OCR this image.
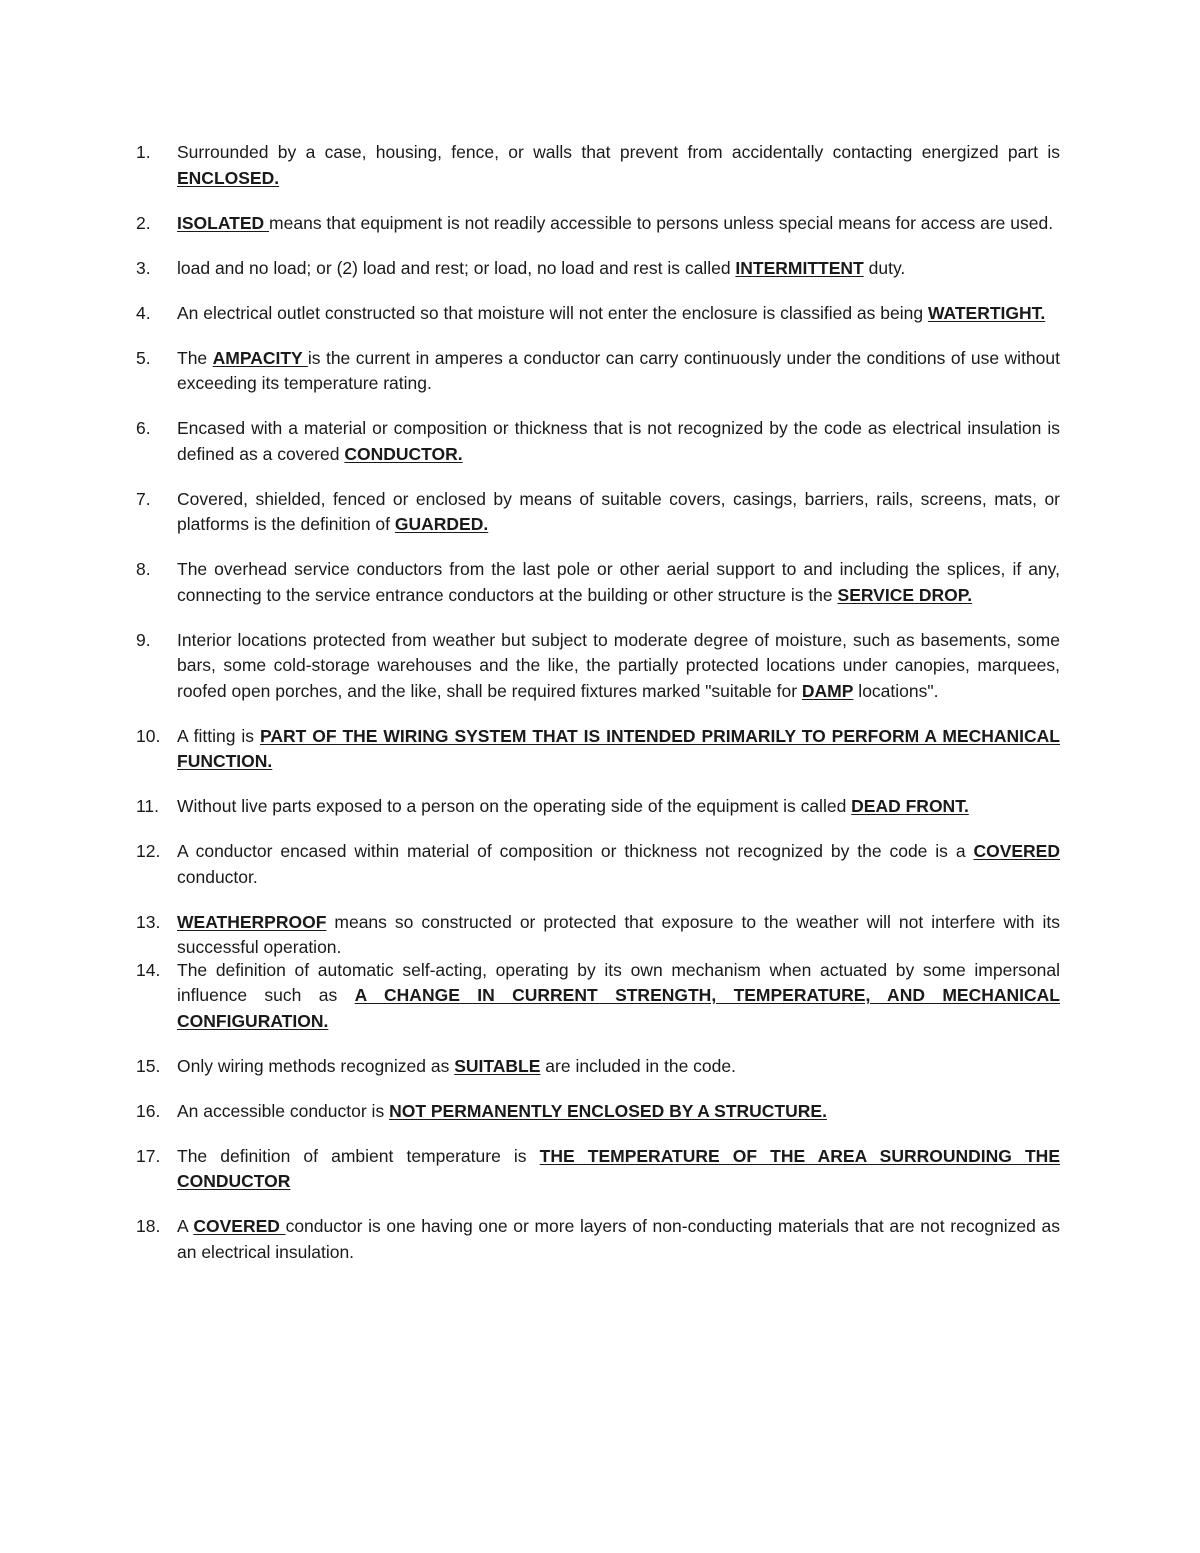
1.	Surrounded by a case, housing, fence, or walls that prevent from accidentally contacting energized part is ENCLOSED.
2.	ISOLATED means that equipment is not readily accessible to persons unless special means for access are used.
3.	load and no load; or (2) load and rest; or load, no load and rest is called INTERMITTENT duty.
4.	An electrical outlet constructed so that moisture will not enter the enclosure is classified as being WATERTIGHT.
5.	The AMPACITY is the current in amperes a conductor can carry continuously under the conditions of use without exceeding its temperature rating.
6.	Encased with a material or composition or thickness that is not recognized by the code as electrical insulation is defined as a covered CONDUCTOR.
7.	Covered, shielded, fenced or enclosed by means of suitable covers, casings, barriers, rails, screens, mats, or platforms is the definition of GUARDED.
8.	The overhead service conductors from the last pole or other aerial support to and including the splices, if any, connecting to the service entrance conductors at the building or other structure is the SERVICE DROP.
9.	Interior locations protected from weather but subject to moderate degree of moisture, such as basements, some bars, some cold-storage warehouses and the like, the partially protected locations under canopies, marquees, roofed open porches, and the like, shall be required fixtures marked "suitable for DAMP locations".
10. A fitting is PART OF THE WIRING SYSTEM THAT IS INTENDED PRIMARILY TO PERFORM A MECHANICAL FUNCTION.
11.	Without live parts exposed to a person on the operating side of the equipment is called DEAD FRONT.
12. A conductor encased within material of composition or thickness not recognized by the code is a COVERED conductor.
13. WEATHERPROOF means so constructed or protected that exposure to the weather will not interfere with its successful operation.
14. The definition of automatic self-acting, operating by its own mechanism when actuated by some impersonal influence such as A CHANGE IN CURRENT STRENGTH, TEMPERATURE, AND MECHANICAL CONFIGURATION.
15. Only wiring methods recognized as SUITABLE are included in the code.
16. An accessible conductor is NOT PERMANENTLY ENCLOSED BY A STRUCTURE.
17. The definition of ambient temperature is THE TEMPERATURE OF THE AREA SURROUNDING THE CONDUCTOR
18. A COVERED conductor is one having one or more layers of non-conducting materials that are not recognized as an electrical insulation.
